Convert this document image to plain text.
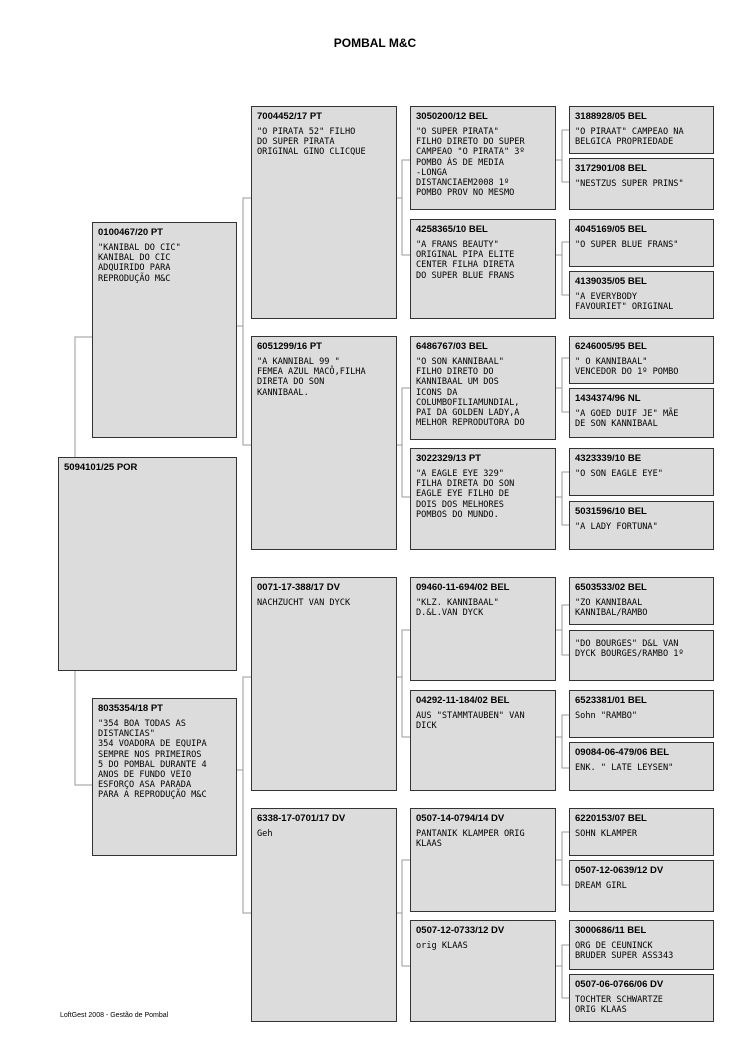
POMBAL M&C
5094101/25 POR
0100467/20 PT
"KANIBAL DO CIC"
KANIBAL DO CIC
ADQUIRIDO PARA
REPRODUÇÃO M&C
8035354/18 PT
"354 BOA TODAS AS
DISTANCIAS"
354 VOADORA DE EQUIPA
SEMPRE NOS PRIMEIROS
5 DO POMBAL DURANTE 4
ANOS DE FUNDO VEIO
ESFORÇO ASA PARADA
PARA A REPRODUÇÃO M&C
7004452/17 PT
"O PIRATA 52" FILHO
DO SUPER PIRATA
ORIGINAL GINO CLICQUE
6051299/16 PT
"A KANNIBAL 99 "
FEMEA AZUL MACÔ,FILHA
DIRETA DO SON
KANNIBAAL.
0071-17-388/17 DV
NACHZUCHT VAN DYCK
6338-17-0701/17 DV
Geh
3050200/12 BEL
"O SUPER PIRATA"
FILHO DIRETO DO SUPER
CAMPEAO "O PIRATA" 3º
POMBO ÁS DE MEDIA
-LONGA
DISTANCIAEM2008 1º
POMBO PROV NO MESMO
4258365/10 BEL
"A FRANS BEAUTY"
ORIGINAL PIPA ELITE
CENTER FILHA DIRETA
DO SUPER BLUE FRANS
6486767/03 BEL
"O SON KANNIBAAL"
FILHO DIRETO DO
KANNIBAAL UM DOS
ICONS DA
COLUMBOFILIAMUNDIAL,
PAI DA GOLDEN LADY,A
MELHOR REPRODUTORA DO
3022329/13 PT
"A EAGLE EYE 329"
FILHA DIRETA DO SON
EAGLE EYE FILHO DE
DOIS DOS MELHORES
POMBOS DO MUNDO.
09460-11-694/02 BEL
"KLZ. KANNIBAAL"
D.&L.VAN DYCK
04292-11-184/02 BEL
AUS "STAMMTAUBEN" VAN
DICK
0507-14-0794/14 DV
PANTANIK KLAMPER ORIG
KLAAS
0507-12-0733/12 DV
orig KLAAS
3188928/05 BEL
"O PIRAAT" CAMPEAO NA
BELGICA PROPRIEDADE
3172901/08 BEL
"NESTZUS SUPER PRINS"
4045169/05 BEL
"O SUPER BLUE FRANS"
4139035/05 BEL
"A EVERYBODY
FAVOURIET" ORIGINAL
6246005/95 BEL
" O KANNIBAAL"
VENCEDOR DO 1º POMBO
1434374/96 NL
"A GOED DUIF JE" MÃE
DE SON KANNIBAAL
4323339/10 BE
"O SON EAGLE EYE"
5031596/10 BEL
"A LADY FORTUNA"
6503533/02 BEL
"ZO KANNIBAAL
KANNIBAL/RAMBO
"DO BOURGES" D&L VAN
DYCK BOURGES/RAMBO 1º
6523381/01 BEL
Sohn "RAMBO"
09084-06-479/06 BEL
ENK. " LATE LEYSEN"
6220153/07 BEL
SOHN KLAMPER
0507-12-0639/12 DV
DREAM GIRL
3000686/11 BEL
ORG DE CEUNINCK
BRUDER SUPER ASS343
0507-06-0766/06 DV
TOCHTER SCHWARTZE
ORIG KLAAS
LoftGest 2008 - Gestão de Pombal
